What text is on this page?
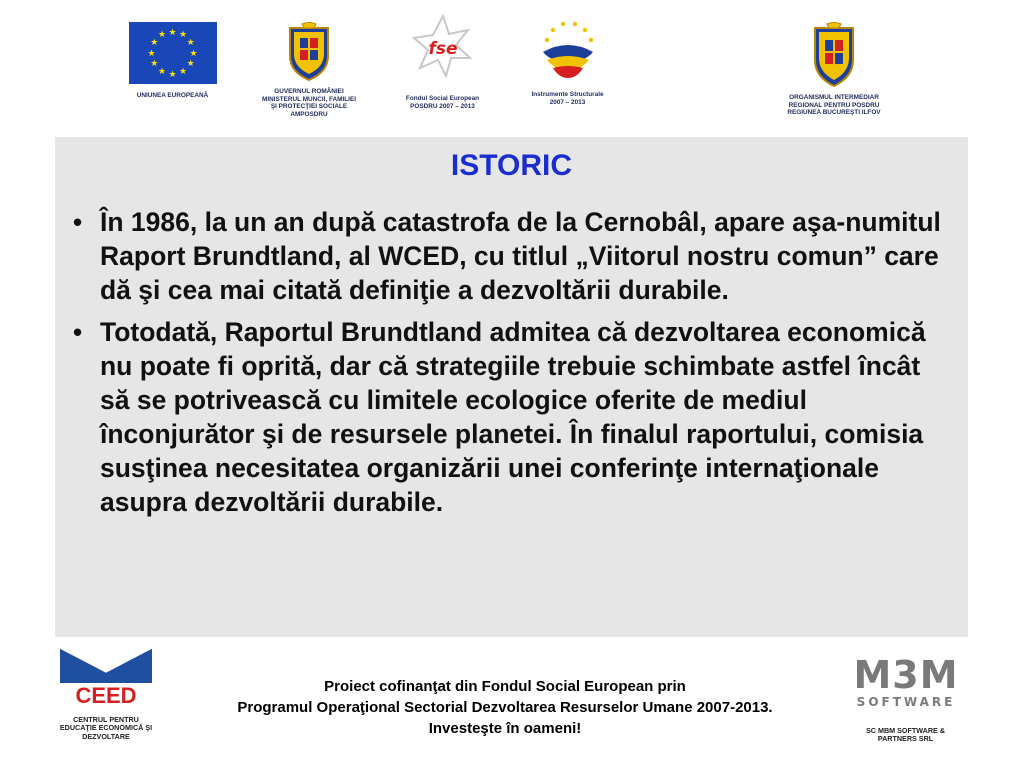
★ ★
★
★
★
★
★
★
★
★
★
★
UNIUNEA EUROPEANĂ
GUVERNUL ROMÂNIEI
MINISTERUL MUNCII, FAMILIEI
ŞI PROTECŢIEI SOCIALE
AMPOSDRU
fse
Fondul Social European
POSDRU 2007 – 2013
Instrumente Structurale
2007 – 2013
ORGANISMUL INTERMEDIAR
REGIONAL PENTRU POSDRU
REGIUNEA BUCUREŞTI ILFOV
ISTORIC
• În 1986, la un an după catastrofa de la Cernobâl, apare aşa-numitul Raport Brundtland, al WCED, cu titlul „Viitorul nostru comun” care dă şi cea mai citată definiţie a dezvoltării durabile.
• Totodată, Raportul Brundtland admitea că dezvoltarea economică nu poate fi oprită, dar că strategiile trebuie schimbate astfel încât să se potrivească cu limitele ecologice oferite de mediul înconjurător şi de resursele planetei. În finalul raportului, comisia susţinea necesitatea organizării unei conferinţe internaţionale asupra dezvoltării durabile.
CEED
CENTRUL PENTRU
EDUCAŢIE ECONOMICĂ ŞI
DEZVOLTARE
Proiect cofinanţat din Fondul Social European prin
Programul Operaţional Sectorial Dezvoltarea Resurselor Umane 2007-2013.
Investeşte în oameni!
M3M
SOFTWARE
SC MBM SOFTWARE &
PARTNERS SRL
